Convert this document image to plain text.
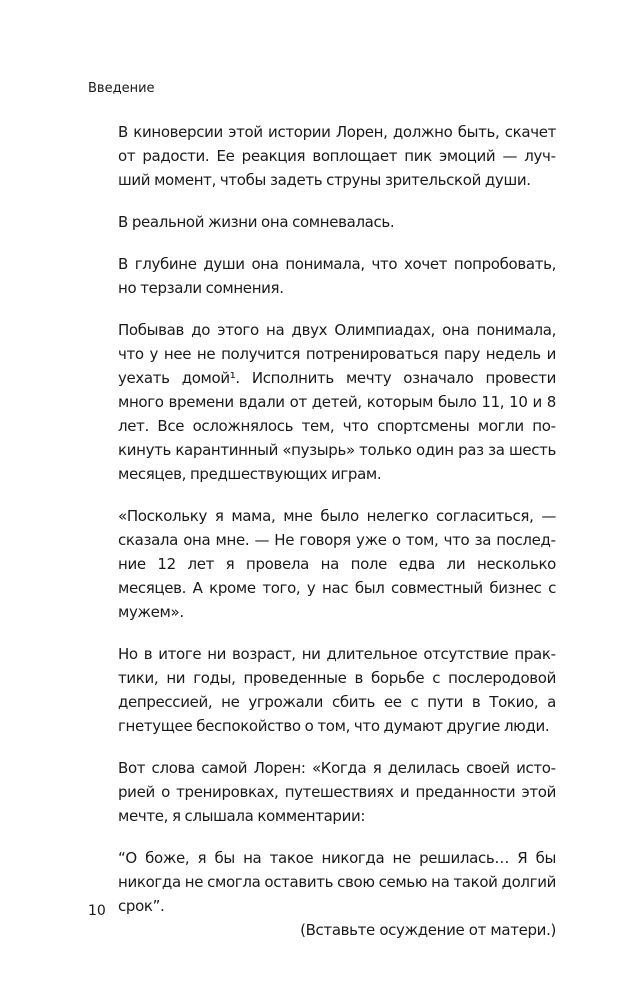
Введение

В киноверсии этой истории Лорен, должно быть, скачет от радости. Ее реакция воплощает пик эмоций — лучший момент, чтобы задеть струны зрительской души.

В реальной жизни она сомневалась.

В глубине души она понимала, что хочет попробовать, но терзали сомнения.

Побывав до этого на двух Олимпиадах, она понимала, что у нее не получится потренироваться пару недель и уехать домой¹. Исполнить мечту означало провести много времени вдали от детей, которым было 11, 10 и 8 лет. Все осложнялось тем, что спортсмены могли покинуть карантинный «пузырь» только один раз за шесть месяцев, предшествующих играм.

«Поскольку я мама, мне было нелегко согласиться, — сказала она мне. — Не говоря уже о том, что за последние 12 лет я провела на поле едва ли несколько месяцев. А кроме того, у нас был совместный бизнес с мужем».

Но в итоге ни возраст, ни длительное отсутствие практики, ни годы, проведенные в борьбе с послеродовой депрессией, не угрожали сбить ее с пути в Токио, а гнетущее беспокойство о том, что думают другие люди.

Вот слова самой Лорен: «Когда я делилась своей историей о тренировках, путешествиях и преданности этой мечте, я слышала комментарии:

“О боже, я бы на такое никогда не решилась… Я бы никогда не смогла оставить свою семью на такой долгий срок”.

(Вставьте осуждение от матери.)

10
